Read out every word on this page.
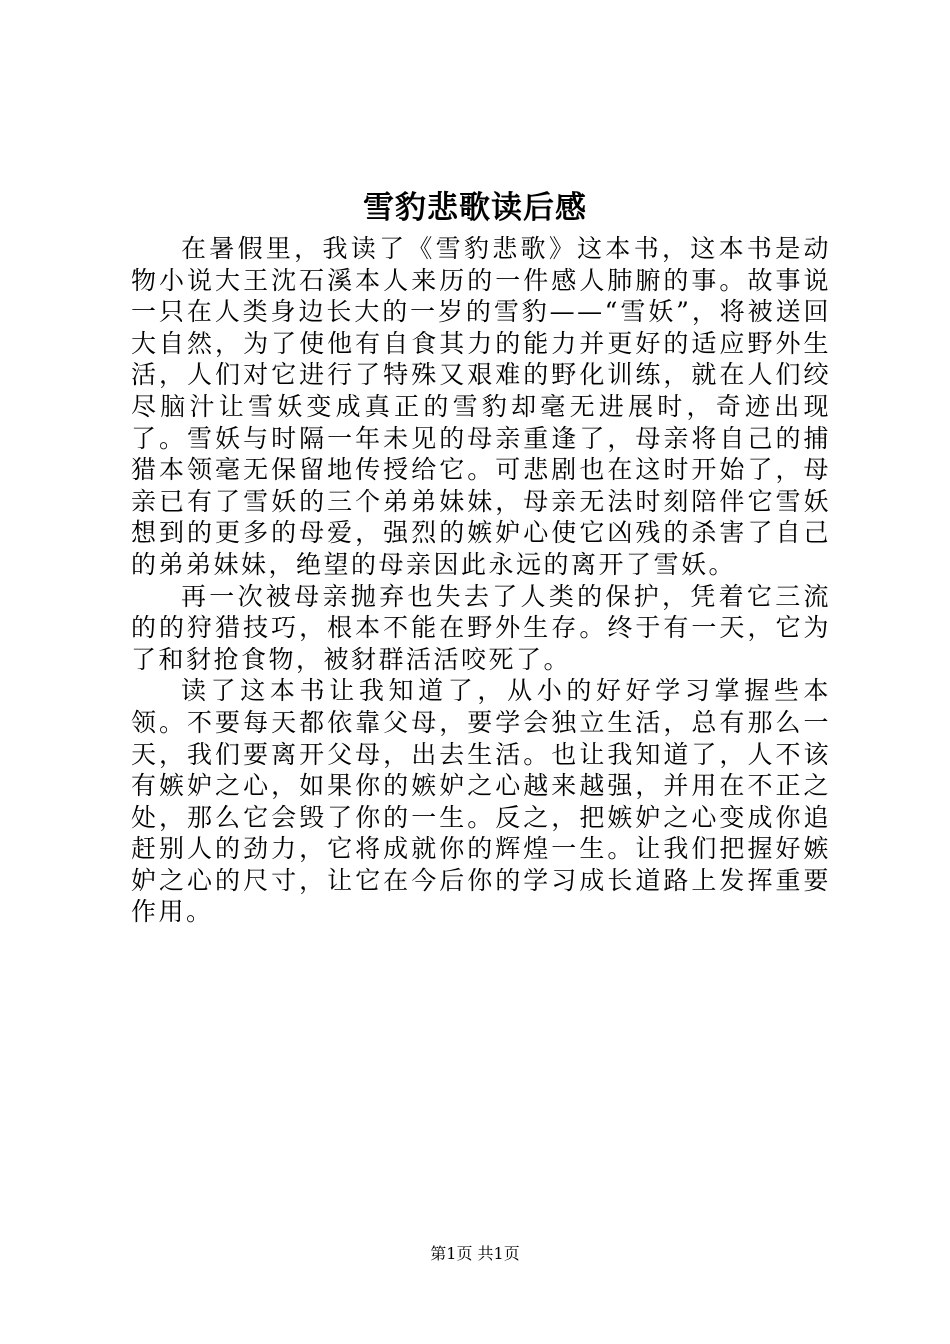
雪豹悲歌读后感

在暑假里，我读了《雪豹悲歌》这本书，这本书是动物小说大王沈石溪本人来历的一件感人肺腑的事。故事说一只在人类身边长大的一岁的雪豹——“雪妖”，将被送回大自然，为了使他有自食其力的能力并更好的适应野外生活，人们对它进行了特殊又艰难的野化训练，就在人们绞尽脑汁让雪妖变成真正的雪豹却毫无进展时，奇迹出现了。雪妖与时隔一年未见的母亲重逢了，母亲将自己的捕猎本领毫无保留地传授给它。可悲剧也在这时开始了，母亲已有了雪妖的三个弟弟妹妹，母亲无法时刻陪伴它雪妖想到的更多的母爱，强烈的嫉妒心使它凶残的杀害了自己的弟弟妹妹，绝望的母亲因此永远的离开了雪妖。

再一次被母亲抛弃也失去了人类的保护，凭着它三流的的狩猎技巧，根本不能在野外生存。终于有一天，它为了和豺抢食物，被豺群活活咬死了。

读了这本书让我知道了，从小的好好学习掌握些本领。不要每天都依靠父母，要学会独立生活，总有那么一天，我们要离开父母，出去生活。也让我知道了，人不该有嫉妒之心，如果你的嫉妒之心越来越强，并用在不正之处，那么它会毁了你的一生。反之，把嫉妒之心变成你追赶别人的劲力，它将成就你的辉煌一生。让我们把握好嫉妒之心的尺寸，让它在今后你的学习成长道路上发挥重要作用。

第1页 共1页
